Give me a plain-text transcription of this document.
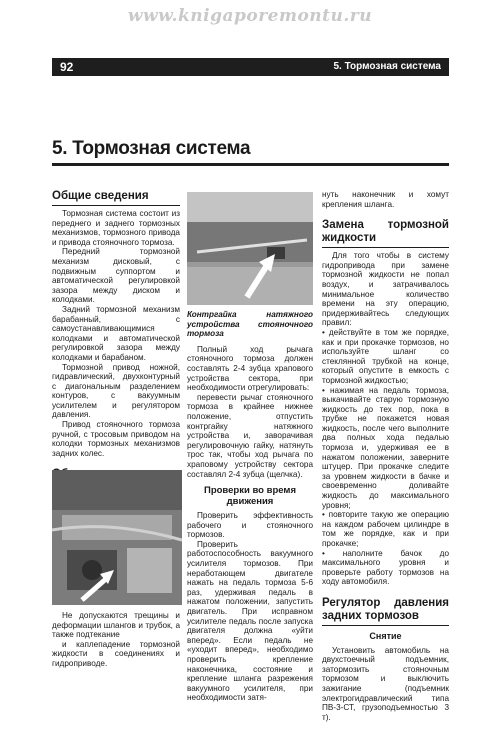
www.knigaporemontu.ru
92	5. Тормозная система
5. Тормозная система
Общие сведения

Тормозная система состоит из переднего и заднего тормозных механизмов, тормозного привода и привода стояночного тормоза.

Передний тормозной механизм дисковый, с подвижным суппортом и автоматической регулировкой зазора между диском и колодками.

Задний тормозной механизм барабанный, с самоустанавливающимися колодками и автоматической регулировкой зазора между колодками и барабаном.

Тормозной привод ножной, гидравлический, двухконтурный с диагональным разделением контуров, с вакуумным усилителем и регулятором давления.

Привод стояночного тормоза ручной, с тросовым приводом на колодки тормозных механизмов задних колес.

Не допускаются трещины и деформации шлангов и трубок, а также подтекание

и каплепадение тормозной жидкости в соединениях и гидроприводе.

Контргайка натяжного устройства стояночного тормоза

Полный ход рычага стояночного тормоза должен составлять 2-4 зубца храпового устройства сектора, при необходимости отрегулировать:

перевести рычаг стояночного тормоза в крайнее нижнее положение, отпустить контргайку натяжного устройства и, заворачивая регулировочную гайку, натянуть трос так, чтобы ход рычага по храповому устройству сектора составлял 2-4 зубца (щелчка).

Проверки во время движения

Проверить эффективность рабочего и стояночного тормозов.

Проверить работоспособность вакуумного усилителя тормозов. При неработающем двигателе нажать на педаль тормоза 5-6 раз, удерживая педаль в нажатом положении, запустить двигатель. При исправном усилителе педаль после запуска двигателя должна «уйти вперед». Если педаль не «уходит вперед», необходимо проверить крепление наконечника, состояние и крепление шланга разрежения вакуумного усилителя, при необходимости затя-

нуть наконечник и хомут крепления шланга.

Замена тормозной жидкости

Для того чтобы в систему гидропривода при замене тормозной жидкости не попал воздух, и затрачивалось минимальное количество времени на эту операцию, придерживайтесь следующих правил:

• действуйте в том же порядке, как и при прокачке тормозов, но используйте шланг со стеклянной трубкой на конце, который опустите в емкость с тормозной жидкостью;

• нажимая на педаль тормоза, выкачивайте старую тормозную жидкость до тех пор, пока в трубке не покажется новая жидкость, после чего выполните два полных хода педалью тормоза и, удерживая ее в нажатом положении, заверните штуцер. При прокачке следите за уровнем жидкости в бачке и своевременно доливайте жидкость до максимального уровня;

• повторите такую же операцию на каждом рабочем цилиндре в том же порядке, как и при прокачке;

• наполните бачок до максимального уровня и проверьте работу тормозов на ходу автомобиля.

Регулятор давления задних тормозов
Снятие

Установить автомобиль на двухстоечный подъемник, затормозить стояночным тормозом и выключить зажигание (подъемник электрогидравлический типа ПВ-3-СТ, грузоподъемностью 3 т).
